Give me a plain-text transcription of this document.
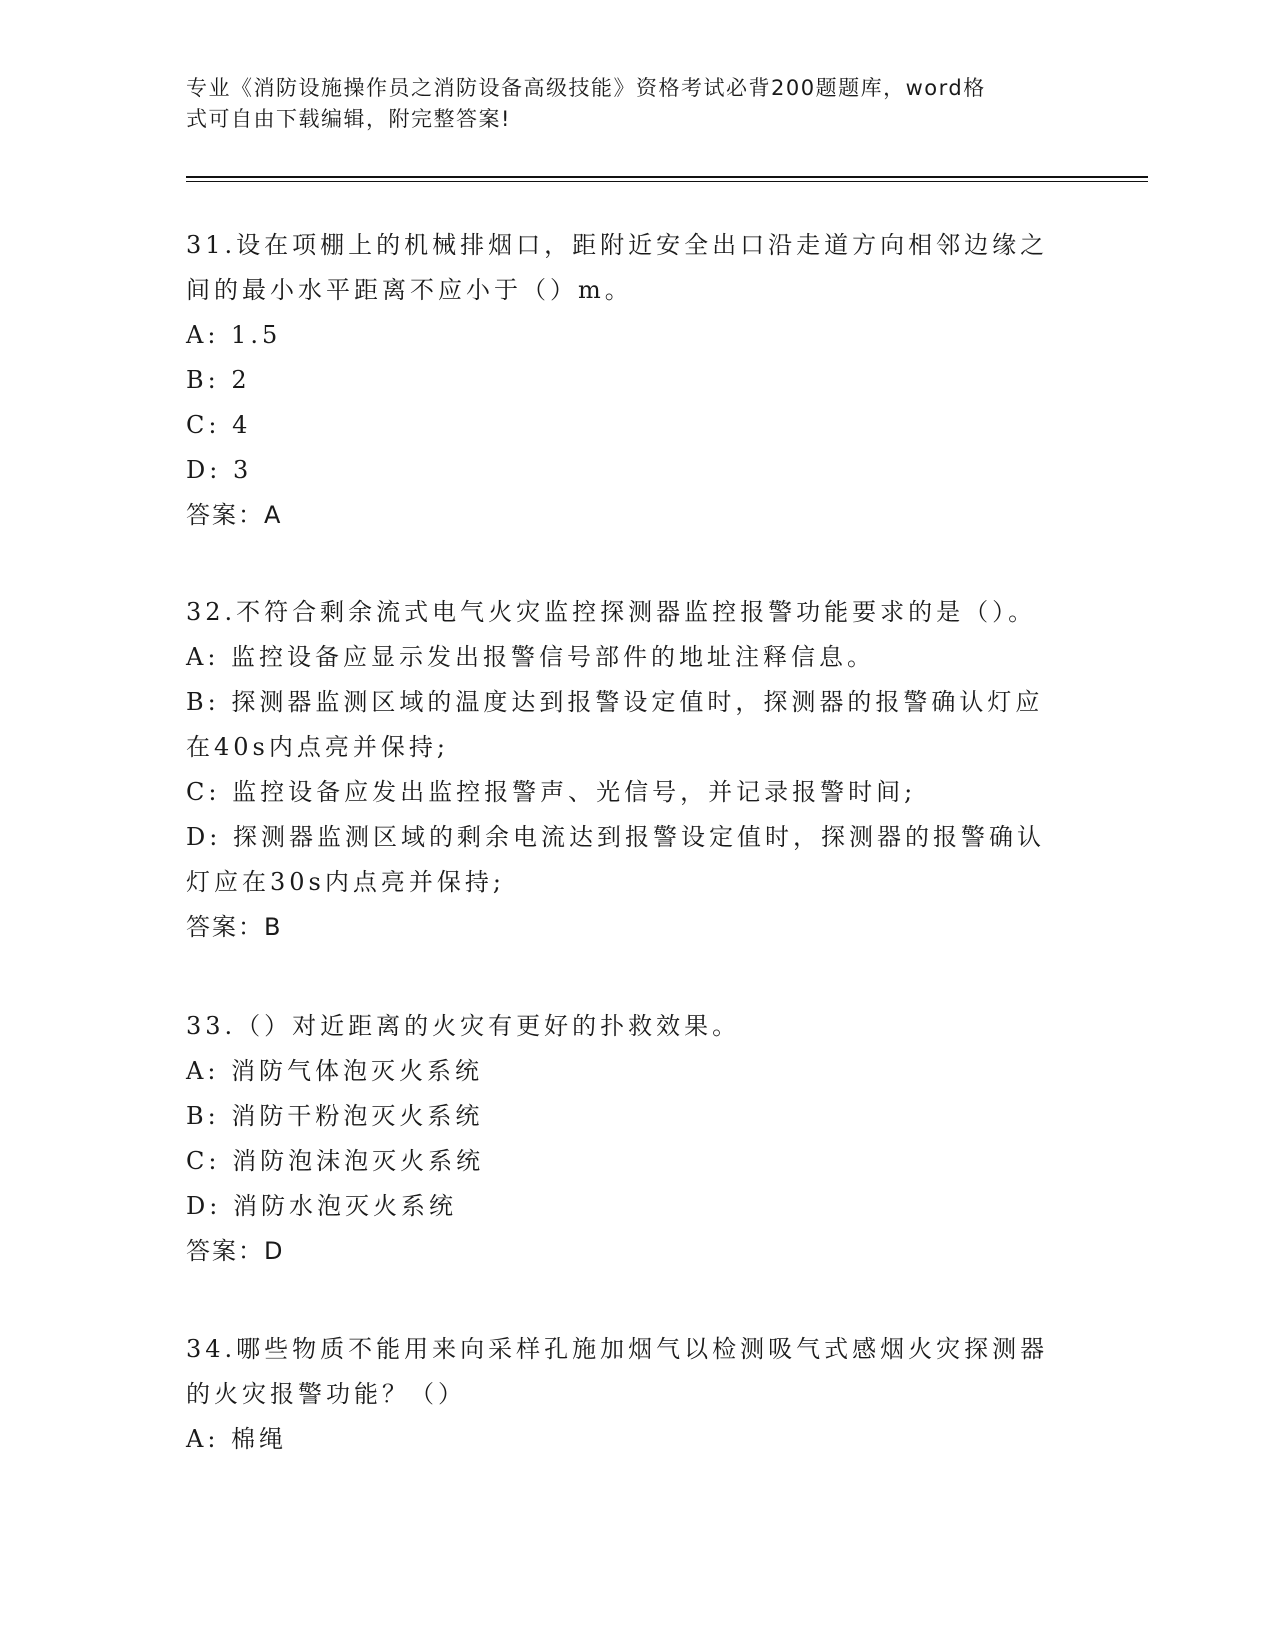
专业《消防设施操作员之消防设备高级技能》资格考试必背200题题库，word格
式可自由下载编辑，附完整答案!
31.设在项棚上的机械排烟口，距附近安全出口沿走道方向相邻边缘之
间的最小水平距离不应小于（）m。
A: 1.5
B: 2
C: 4
D: 3
答案：A
32.不符合剩余流式电气火灾监控探测器监控报警功能要求的是（）。
A: 监控设备应显示发出报警信号部件的地址注释信息。
B: 探测器监测区域的温度达到报警设定值时，探测器的报警确认灯应
在40s内点亮并保持;
C: 监控设备应发出监控报警声、光信号，并记录报警时间;
D: 探测器监测区域的剩余电流达到报警设定值时，探测器的报警确认
灯应在30s内点亮并保持;
答案：B
33.（）对近距离的火灾有更好的扑救效果。
A: 消防气体泡灭火系统
B: 消防干粉泡灭火系统
C: 消防泡沫泡灭火系统
D: 消防水泡灭火系统
答案：D
34.哪些物质不能用来向采样孔施加烟气以检测吸气式感烟火灾探测器
的火灾报警功能？（）
A: 棉绳
